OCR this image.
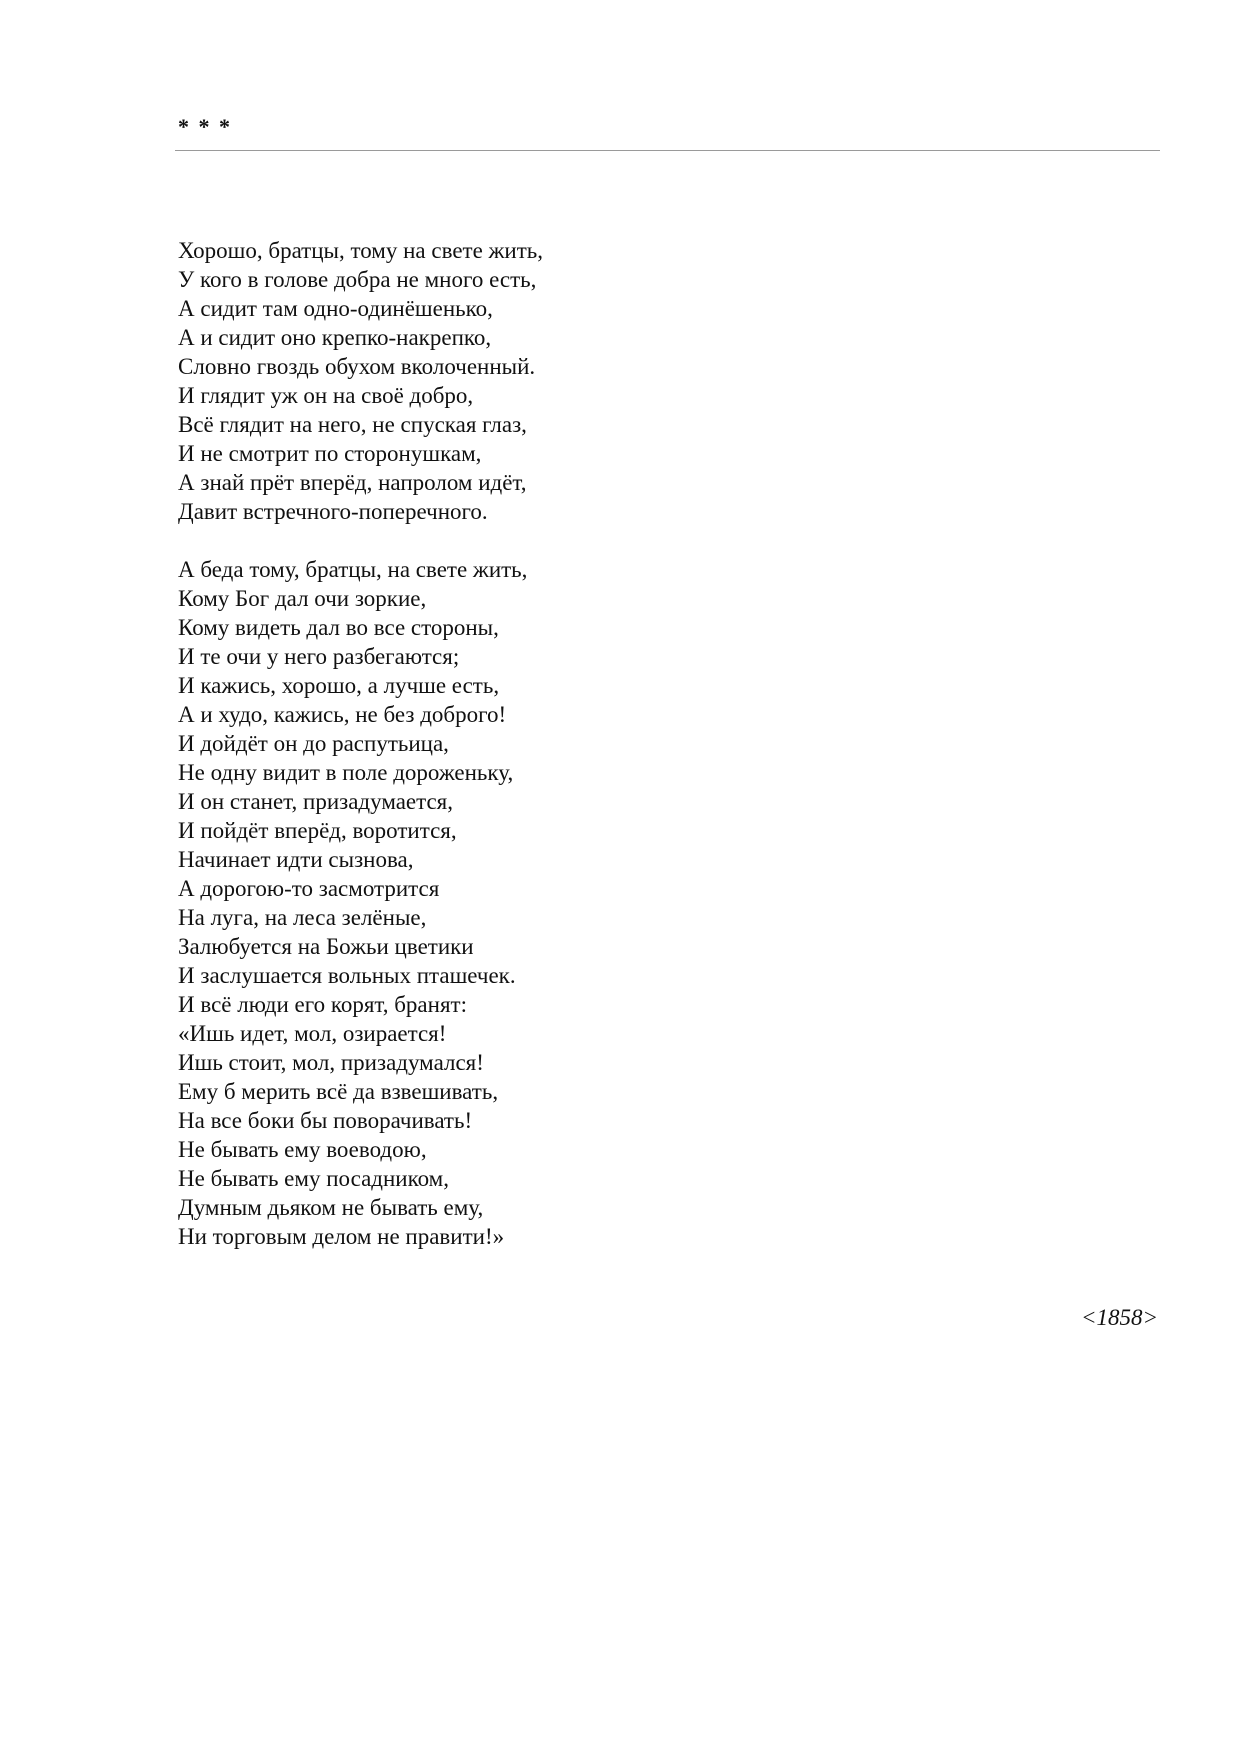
* * *
Хорошо, братцы, тому на свете жить,
У кого в голове добра не много есть,
А сидит там одно-одинёшенько,
А и сидит оно крепко-накрепко,
Словно гвоздь обухом вколоченный.
И глядит уж он на своё добро,
Всё глядит на него, не спуская глаз,
И не смотрит по сторонушкам,
А знай прёт вперёд, напролом идёт,
Давит встречного-поперечного.
А беда тому, братцы, на свете жить,
Кому Бог дал очи зоркие,
Кому видеть дал во все стороны,
И те очи у него разбегаются;
И кажись, хорошо, а лучше есть,
А и худо, кажись, не без доброго!
И дойдёт он до распутьица,
Не одну видит в поле дороженьку,
И он станет, призадумается,
И пойдёт вперёд, воротится,
Начинает идти сызнова,
А дорогою-то засмотрится
На луга, на леса зелёные,
Залюбуется на Божьи цветики
И заслушается вольных пташечек.
И всё люди его корят, бранят:
«Ишь идет, мол, озирается!
Ишь стоит, мол, призадумался!
Ему б мерить всё да взвешивать,
На все боки бы поворачивать!
Не бывать ему воеводою,
Не бывать ему посадником,
Думным дьяком не бывать ему,
Ни торговым делом не правити!»
<1858>
